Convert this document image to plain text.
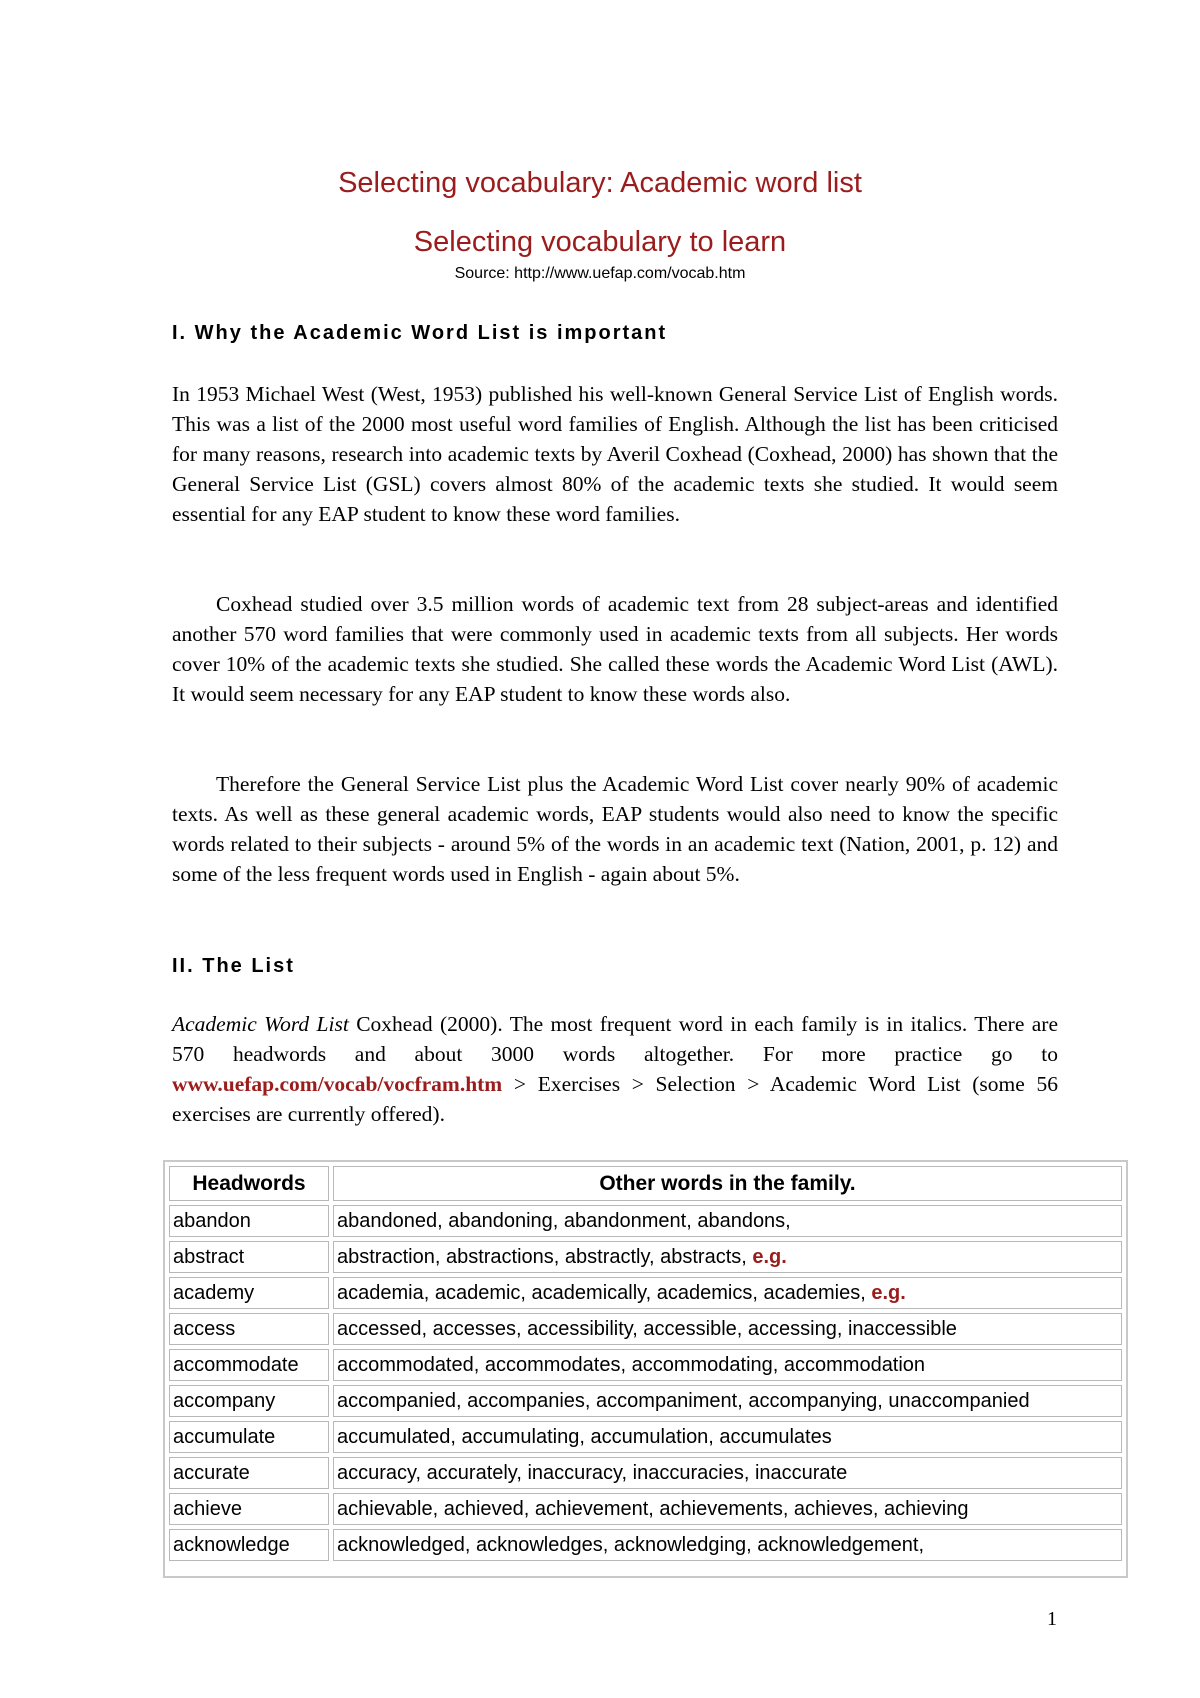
Selecting vocabulary: Academic word list
Selecting vocabulary to learn
Source: http://www.uefap.com/vocab.htm
I. Why the Academic Word List is important

In 1953 Michael West (West, 1953) published his well-known General Service List of English words. This was a list of the 2000 most useful word families of English. Although the list has been criticised for many reasons, research into academic texts by Averil Coxhead (Coxhead, 2000) has shown that the General Service List (GSL) covers almost 80% of the academic texts she studied. It would seem essential for any EAP student to know these word families.

Coxhead studied over 3.5 million words of academic text from 28 subject-areas and identified another 570 word families that were commonly used in academic texts from all subjects. Her words cover 10% of the academic texts she studied. She called these words the Academic Word List (AWL). It would seem necessary for any EAP student to know these words also.

Therefore the General Service List plus the Academic Word List cover nearly 90% of academic texts. As well as these general academic words, EAP students would also need to know the specific words related to their subjects - around 5% of the words in an academic text (Nation, 2001, p. 12) and some of the less frequent words used in English - again about 5%.

II. The List

Academic Word List Coxhead (2000). The most frequent word in each family is in italics. There are 570 headwords and about 3000 words altogether. For more practice go to www.uefap.com/vocab/vocfram.htm > Exercises > Selection > Academic Word List (some 56 exercises are currently offered).

Headwords	Other words in the family.
abandon	abandoned, abandoning, abandonment, abandons,
abstract	abstraction, abstractions, abstractly, abstracts, e.g.
academy	academia, academic, academically, academics, academies, e.g.
access	accessed, accesses, accessibility, accessible, accessing, inaccessible
accommodate	accommodated, accommodates, accommodating, accommodation
accompany	accompanied, accompanies, accompaniment, accompanying, unaccompanied
accumulate	accumulated, accumulating, accumulation, accumulates
accurate	accuracy, accurately, inaccuracy, inaccuracies, inaccurate
achieve	achievable, achieved, achievement, achievements, achieves, achieving
acknowledge	acknowledged, acknowledges, acknowledging, acknowledgement,
1
